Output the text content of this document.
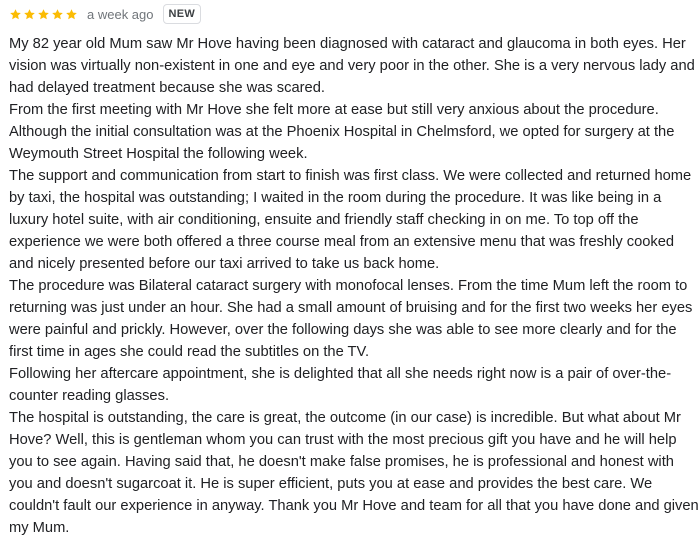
a week ago	NEW

My 82 year old Mum saw Mr Hove having been diagnosed with cataract and glaucoma in both eyes. Her vision was virtually non-existent in one and eye and very poor in the other. She is a very nervous lady and had delayed treatment because she was scared.

From the first meeting with Mr Hove she felt more at ease but still very anxious about the procedure. Although the initial consultation was at the Phoenix Hospital in Chelmsford, we opted for surgery at the Weymouth Street Hospital the following week.

The support and communication from start to finish was first class. We were collected and returned home by taxi, the hospital was outstanding; I waited in the room during the procedure. It was like being in a luxury hotel suite, with air conditioning, ensuite and friendly staff checking in on me. To top off the experience we were both offered a three course meal from an extensive menu that was freshly cooked and nicely presented before our taxi arrived to take us back home.

The procedure was Bilateral cataract surgery with monofocal lenses. From the time Mum left the room to returning was just under an hour. She had a small amount of bruising and for the first two weeks her eyes were painful and prickly. However, over the following days she was able to see more clearly and for the first time in ages she could read the subtitles on the TV.

Following her aftercare appointment, she is delighted that all she needs right now is a pair of over-the-counter reading glasses.

The hospital is outstanding, the care is great, the outcome (in our case) is incredible. But what about Mr Hove? Well, this is gentleman whom you can trust with the most precious gift you have and he will help you to see again. Having said that, he doesn't make false promises, he is professional and honest with you and doesn't sugarcoat it. He is super efficient, puts you at ease and provides the best care. We couldn't fault our experience in anyway. Thank you Mr Hove and team for all that you have done and given my Mum.
